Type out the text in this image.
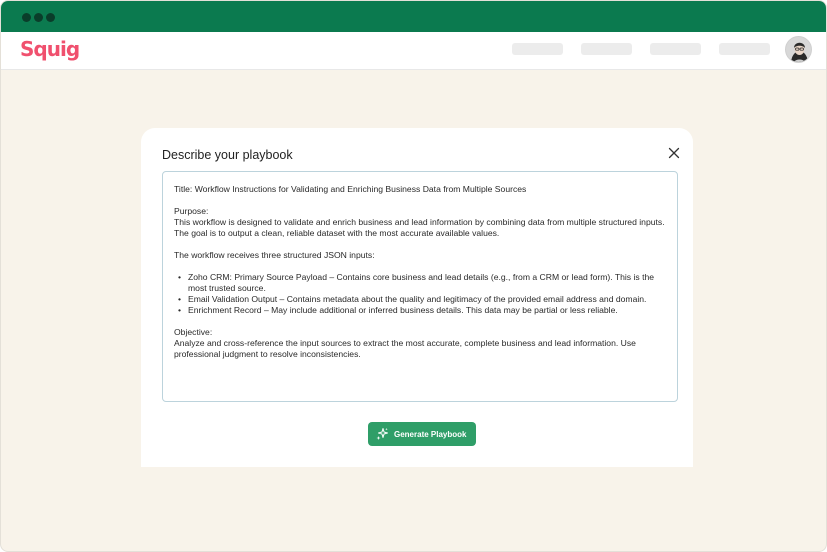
Squig
Describe your playbook

Title: Workflow Instructions for Validating and Enriching Business Data from Multiple Sources

Purpose:

This workflow is designed to validate and enrich business and lead information by combining data from multiple structured inputs. The goal is to output a clean, reliable dataset with the most accurate available values.

The workflow receives three structured JSON inputs:

• Zoho CRM: Primary Source Payload – Contains core business and lead details (e.g., from a CRM or lead form). This is the most trusted source.
• Email Validation Output – Contains metadata about the quality and legitimacy of the provided email address and domain.
• Enrichment Record – May include additional or inferred business details. This data may be partial or less reliable.

Objective:

Analyze and cross-reference the input sources to extract the most accurate, complete business and lead information. Use professional judgment to resolve inconsistencies.

Generate Playbook
